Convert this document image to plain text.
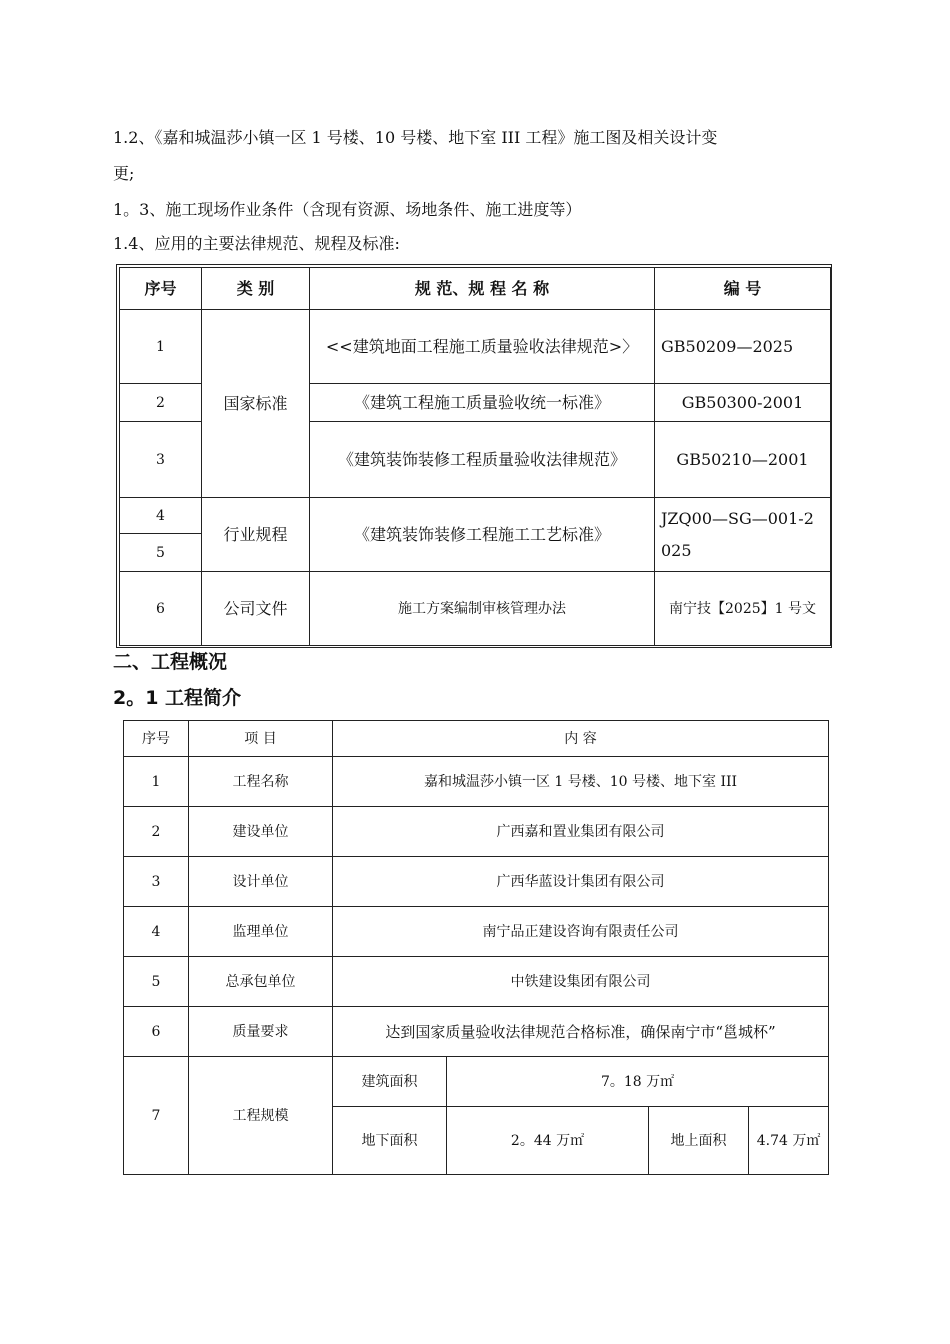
1.2、《嘉和城温莎小镇一区 1 号楼、10 号楼、地下室 III 工程》施工图及相关设计变
更;
1。3、施工现场作业条件（含现有资源、场地条件、施工进度等）
1.4、应用的主要法律规范、规程及标准:
序号	类 别	规 范、规 程 名 称	编 号
1	国家标准	<<建筑地面工程施工质量验收法律规范>〉	GB50209—2025
2		《建筑工程施工质量验收统一标准》	GB50300-2001
3		《建筑装饰装修工程质量验收法律规范》	GB50210—2001
4	行业规程	《建筑装饰装修工程施工工艺标准》	JZQ00—SG—001-2025
5			
6	公司文件	施工方案编制审核管理办法	南宁技【2025】1 号文
二、工程概况
2。1 工程简介
序号	项 目	内 容			
1	工程名称	嘉和城温莎小镇一区 1 号楼、10 号楼、地下室 III			
2	建设单位	广西嘉和置业集团有限公司			
3	设计单位	广西华蓝设计集团有限公司			
4	监理单位	南宁品正建设咨询有限责任公司			
5	总承包单位	中铁建设集团有限公司			
6	质量要求	达到国家质量验收法律规范合格标准，确保南宁市“邕城杯”			
7	工程规模	建筑面积	7。18 万㎡		
		地下面积	2。44 万㎡	地上面积	4.74 万㎡
